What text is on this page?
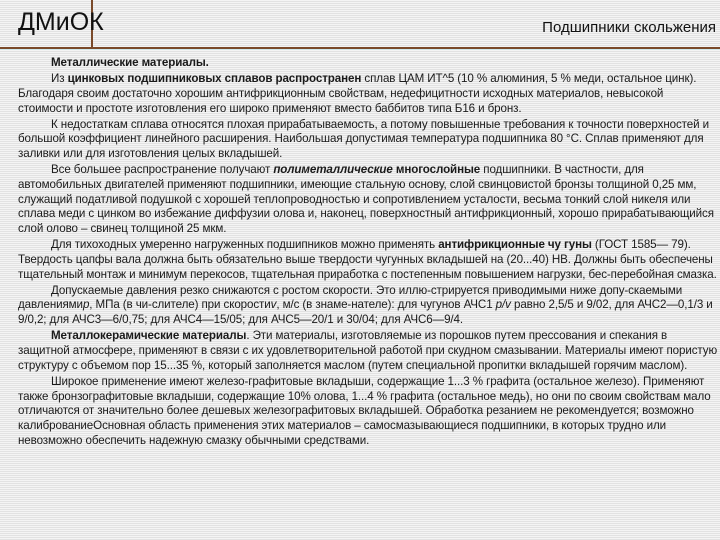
ДМиОК	Подшипники скольжения

Металлические материалы.

Из цинковых подшипниковых сплавов распространен сплав ЦАМ ИТ^5 (10 % алюминия, 5 % меди, остальное цинк). Благодаря своим достаточно хорошим антифрикционным свойствам, недефицитности исходных материалов, невысокой стоимости и простоте изготовления его широко применяют вместо баббитов типа Б16 и бронз.

К недостаткам сплава относятся плохая прирабатываемость, а потому повышенные требования к точности поверхностей и большой коэффициент линейного расширения. Наибольшая допустимая температура подшипника 80 °С. Сплав применяют для заливки или для изготовления целых вкладышей.

Все большее распространение получают полиметаллические многослойные подшипники. В частности, для автомобильных двигателей применяют подшипники, имеющие стальную основу, слой свинцовистой бронзы толщиной 0,25 мм, служащий податливой подушкой с хорошей теплопроводностью и сопротивлением усталости, весьма тонкий слой никеля или сплава меди с цинком во избежание диффузии олова и, наконец, поверхностный антифрикционный, хорошо прирабатывающийся слой олово – свинец толщиной 25 мкм.

Для тихоходных умеренно нагруженных подшипников можно применять антифрикционные чу гуны (ГОСТ 1585— 79). Твердость цапфы вала должна быть обязательно выше твердости чугунных вкладышей на (20...40) НВ. Должны быть обеспечены тщательный монтаж и минимум перекосов, тщательная приработка с постепенным повышением нагрузки, бес-перебойная смазка.

Допускаемые давления резко снижаются с ростом скорости. Это иллю-стрируется приводимыми ниже допу-скаемыми давлениямир, МПа (в чи-слителе) при скоростиv, м/с (в знаме-нателе): для чугунов АЧС1 p/v равно 2,5/5 и 9/02, для АЧС2—0,1/3 и 9/0,2; для АЧС3—6/0,75; для АЧС4—15/05; для АЧС5—20/1 и 30/04; для АЧС6—9/4.

Металлокерамические материалы. Эти материалы, изготовляемые из порошков путем прессования и спекания в защитной атмосфере, применяют в связи с их удовлетворительной работой при скудном смазывании. Материалы имеют пористую структуру с объемом пор 15...35 %, который заполняется маслом (путем специальной пропитки вкладышей горячим маслом).

Широкое применение имеют железо-графитовые вкладыши, содержащие 1...3 % графита (остальное железо). Применяют также бронзографитовые вкладыши, содержащие 10% олова, 1...4 % графита (остальное медь), но они по своим свойствам мало отличаются от значительно более дешевых железографитовых вкладышей. Обработка резанием не рекомендуется; возможно калиброваниеОсновная область применения этих материалов – самосмазывающиеся подшипники, в которых трудно или невозможно обеспечить надежную смазку обычными средствами.
